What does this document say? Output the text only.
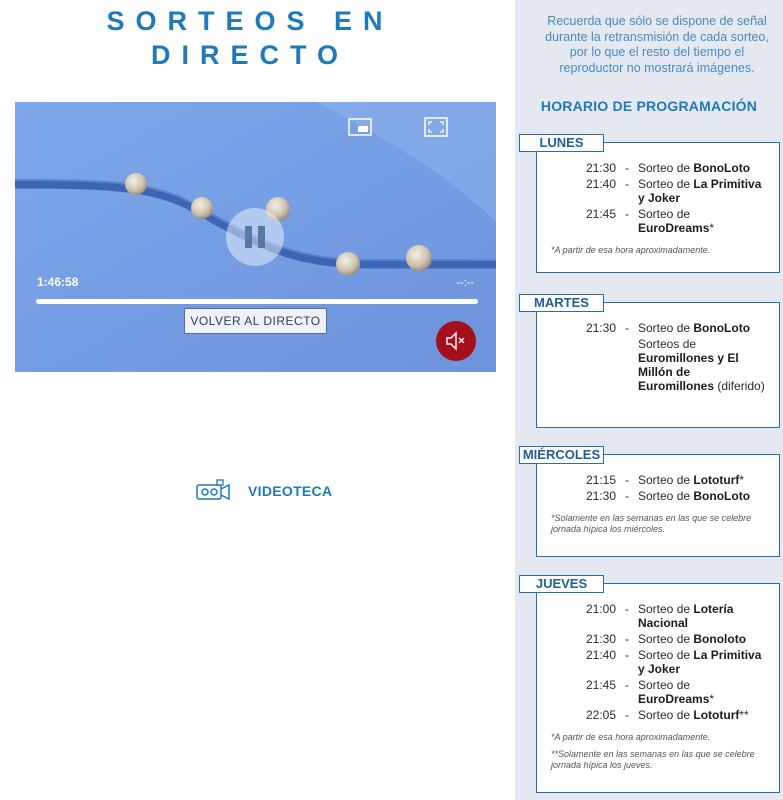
SORTEOS EN
DIRECTO
1:46:58	--:--
VOLVER AL DIRECTO
VIDEOTECA

Recuerda que sólo se dispone de señal durante la retransmisión de cada sorteo, por lo que el resto del tiempo el reproductor no mostrará imágenes.

HORARIO DE PROGRAMACIÓN
LUNES
21:30 - Sorteo de BonoLoto
21:40 - Sorteo de La Primitiva y Joker
21:45 - Sorteo de EuroDreams*

*A partir de esa hora aproximadamente.

MARTES
21:30 - Sorteo de BonoLoto
Sorteos de Euromillones y El Millón de Euromillones (diferido)
MIÉRCOLES
21:15 - Sorteo de Lototurf*
21:30 - Sorteo de BonoLoto

*Solamente en las semanas en las que se celebre jornada hípica los miércoles.

JUEVES
21:00 - Sorteo de Lotería Nacional
21:30 - Sorteo de Bonoloto
21:40 - Sorteo de La Primitiva y Joker
21:45 - Sorteo de EuroDreams*
22:05 - Sorteo de Lototurf**

*A partir de esa hora aproximadamente.

**Solamente en las semanas en las que se celebre jornada hípica los jueves.
